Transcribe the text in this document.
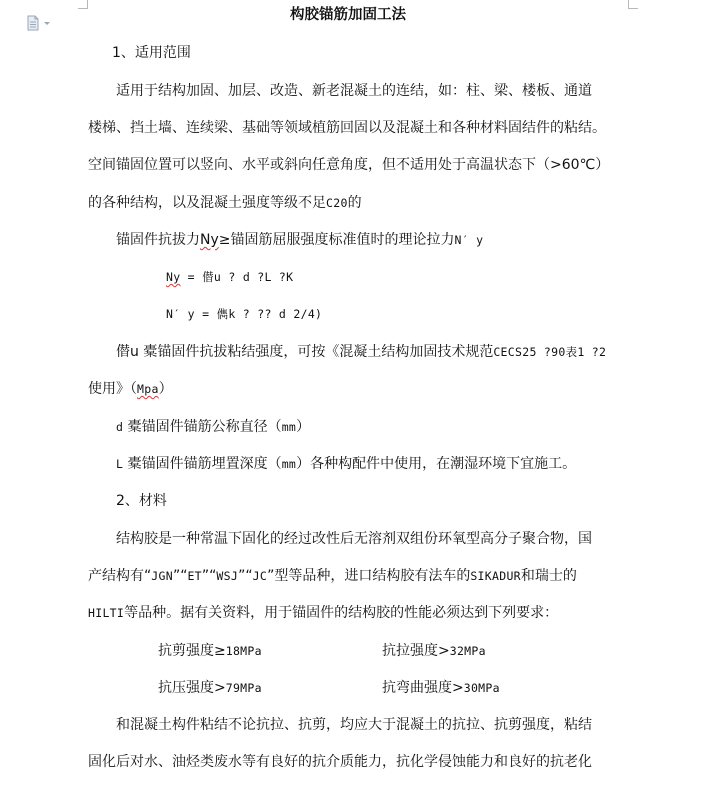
构胶锚筋加固工法
1、适用范围
适用于结构加固、加层、改造、新老混凝土的连结，如：柱、梁、楼板、通道
楼梯、挡土墙、连续梁、基础等领域植筋回固以及混凝土和各种材料固结件的粘结。
空间锚固位置可以竖向、水平或斜向任意角度，但不适用处于高温状态下（>60℃）
的各种结构，以及混凝土强度等级不足C20的
锚固件抗拔力Ny≥锚固筋屈服强度标准值时的理论拉力N′ y
Ny = 僣u ? d ?L ?K
N′ y = 儁k ? ?? d 2/4)
僣u 橐锚固件抗拔粘结强度，可按《混凝土结构加固技术规范CECS25 ?90表1 ?2
使用》（Mpa）
d 橐锚固件锚筋公称直径（mm）
L 橐锚固件锚筋埋置深度（mm）各种构配件中使用，在潮湿环境下宜施工。
2、材料
结构胶是一种常温下固化的经过改性后无溶剂双组份环氧型高分子聚合物，国
产结构有“JGN”“ET”“WSJ”“JC”型等品种，进口结构胶有法车的SIKADUR和瑞士的
HILTI等品种。据有关资料，用于锚固件的结构胶的性能必须达到下列要求：
抗剪强度≥18MPa	抗拉强度>32MPa
抗压强度>79MPa	抗弯曲强度>30MPa
和混凝土构件粘结不论抗拉、抗剪，均应大于混凝土的抗拉、抗剪强度，粘结
固化后对水、油烃类废水等有良好的抗介质能力，抗化学侵蚀能力和良好的抗老化
